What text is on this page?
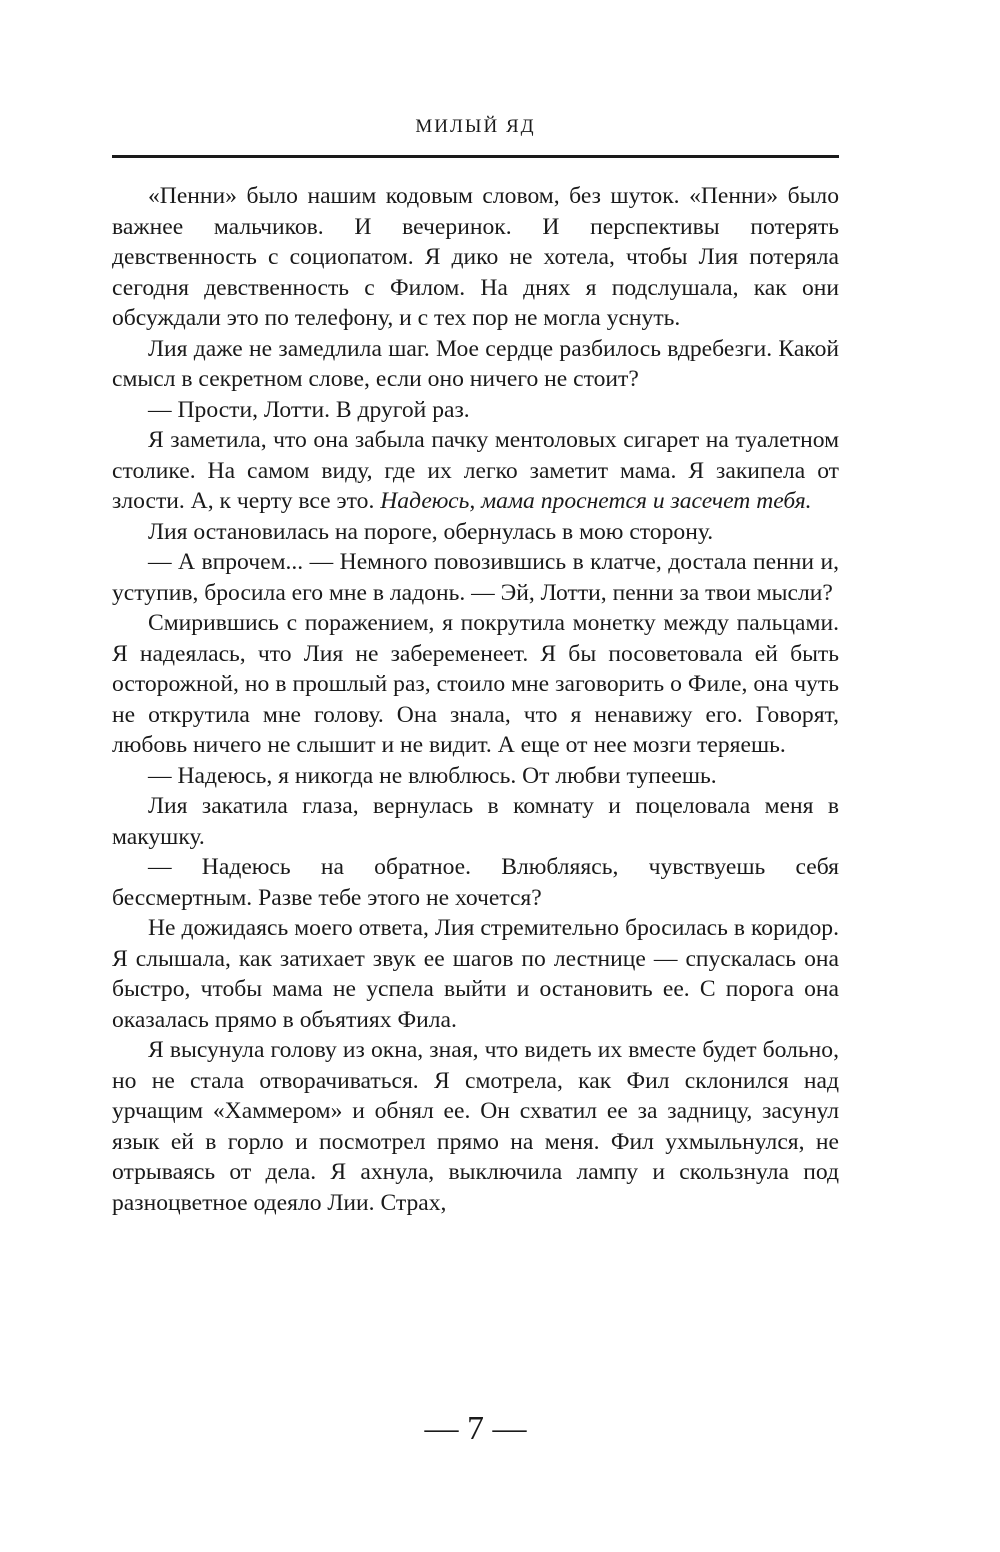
МИЛЫЙ ЯД

«Пенни» было нашим кодовым словом, без шуток. «Пенни» было важнее мальчиков. И вечеринок. И перспективы потерять девственность с социопатом. Я дико не хотела, чтобы Лия потеряла сегодня девственность с Филом. На днях я подслушала, как они обсуждали это по телефону, и с тех пор не могла уснуть.

Лия даже не замедлила шаг. Мое сердце разбилось вдребезги. Какой смысл в секретном слове, если оно ничего не стоит?

— Прости, Лотти. В другой раз.

Я заметила, что она забыла пачку ментоловых сигарет на туалетном столике. На самом виду, где их легко заметит мама. Я закипела от злости. А, к черту все это. Надеюсь, мама проснется и засечет тебя.

Лия остановилась на пороге, обернулась в мою сторону.

— А впрочем... — Немного повозившись в клатче, достала пенни и, уступив, бросила его мне в ладонь. — Эй, Лотти, пенни за твои мысли?

Смирившись с поражением, я покрутила монетку между пальцами. Я надеялась, что Лия не забеременеет. Я бы посоветовала ей быть осторожной, но в прошлый раз, стоило мне заговорить о Филе, она чуть не открутила мне голову. Она знала, что я ненавижу его. Говорят, любовь ничего не слышит и не видит. А еще от нее мозги теряешь.

— Надеюсь, я никогда не влюблюсь. От любви тупеешь.

Лия закатила глаза, вернулась в комнату и поцеловала меня в макушку.

— Надеюсь на обратное. Влюбляясь, чувствуешь себя бессмертным. Разве тебе этого не хочется?

Не дожидаясь моего ответа, Лия стремительно бросилась в коридор. Я слышала, как затихает звук ее шагов по лестнице — спускалась она быстро, чтобы мама не успела выйти и остановить ее. С порога она оказалась прямо в объятиях Фила.

Я высунула голову из окна, зная, что видеть их вместе будет больно, но не стала отворачиваться. Я смотрела, как Фил склонился над урчащим «Хаммером» и обнял ее. Он схватил ее за задницу, засунул язык ей в горло и посмотрел прямо на меня. Фил ухмыльнулся, не отрываясь от дела. Я ахнула, выключила лампу и скользнула под разноцветное одеяло Лии. Страх,

— 7 —
